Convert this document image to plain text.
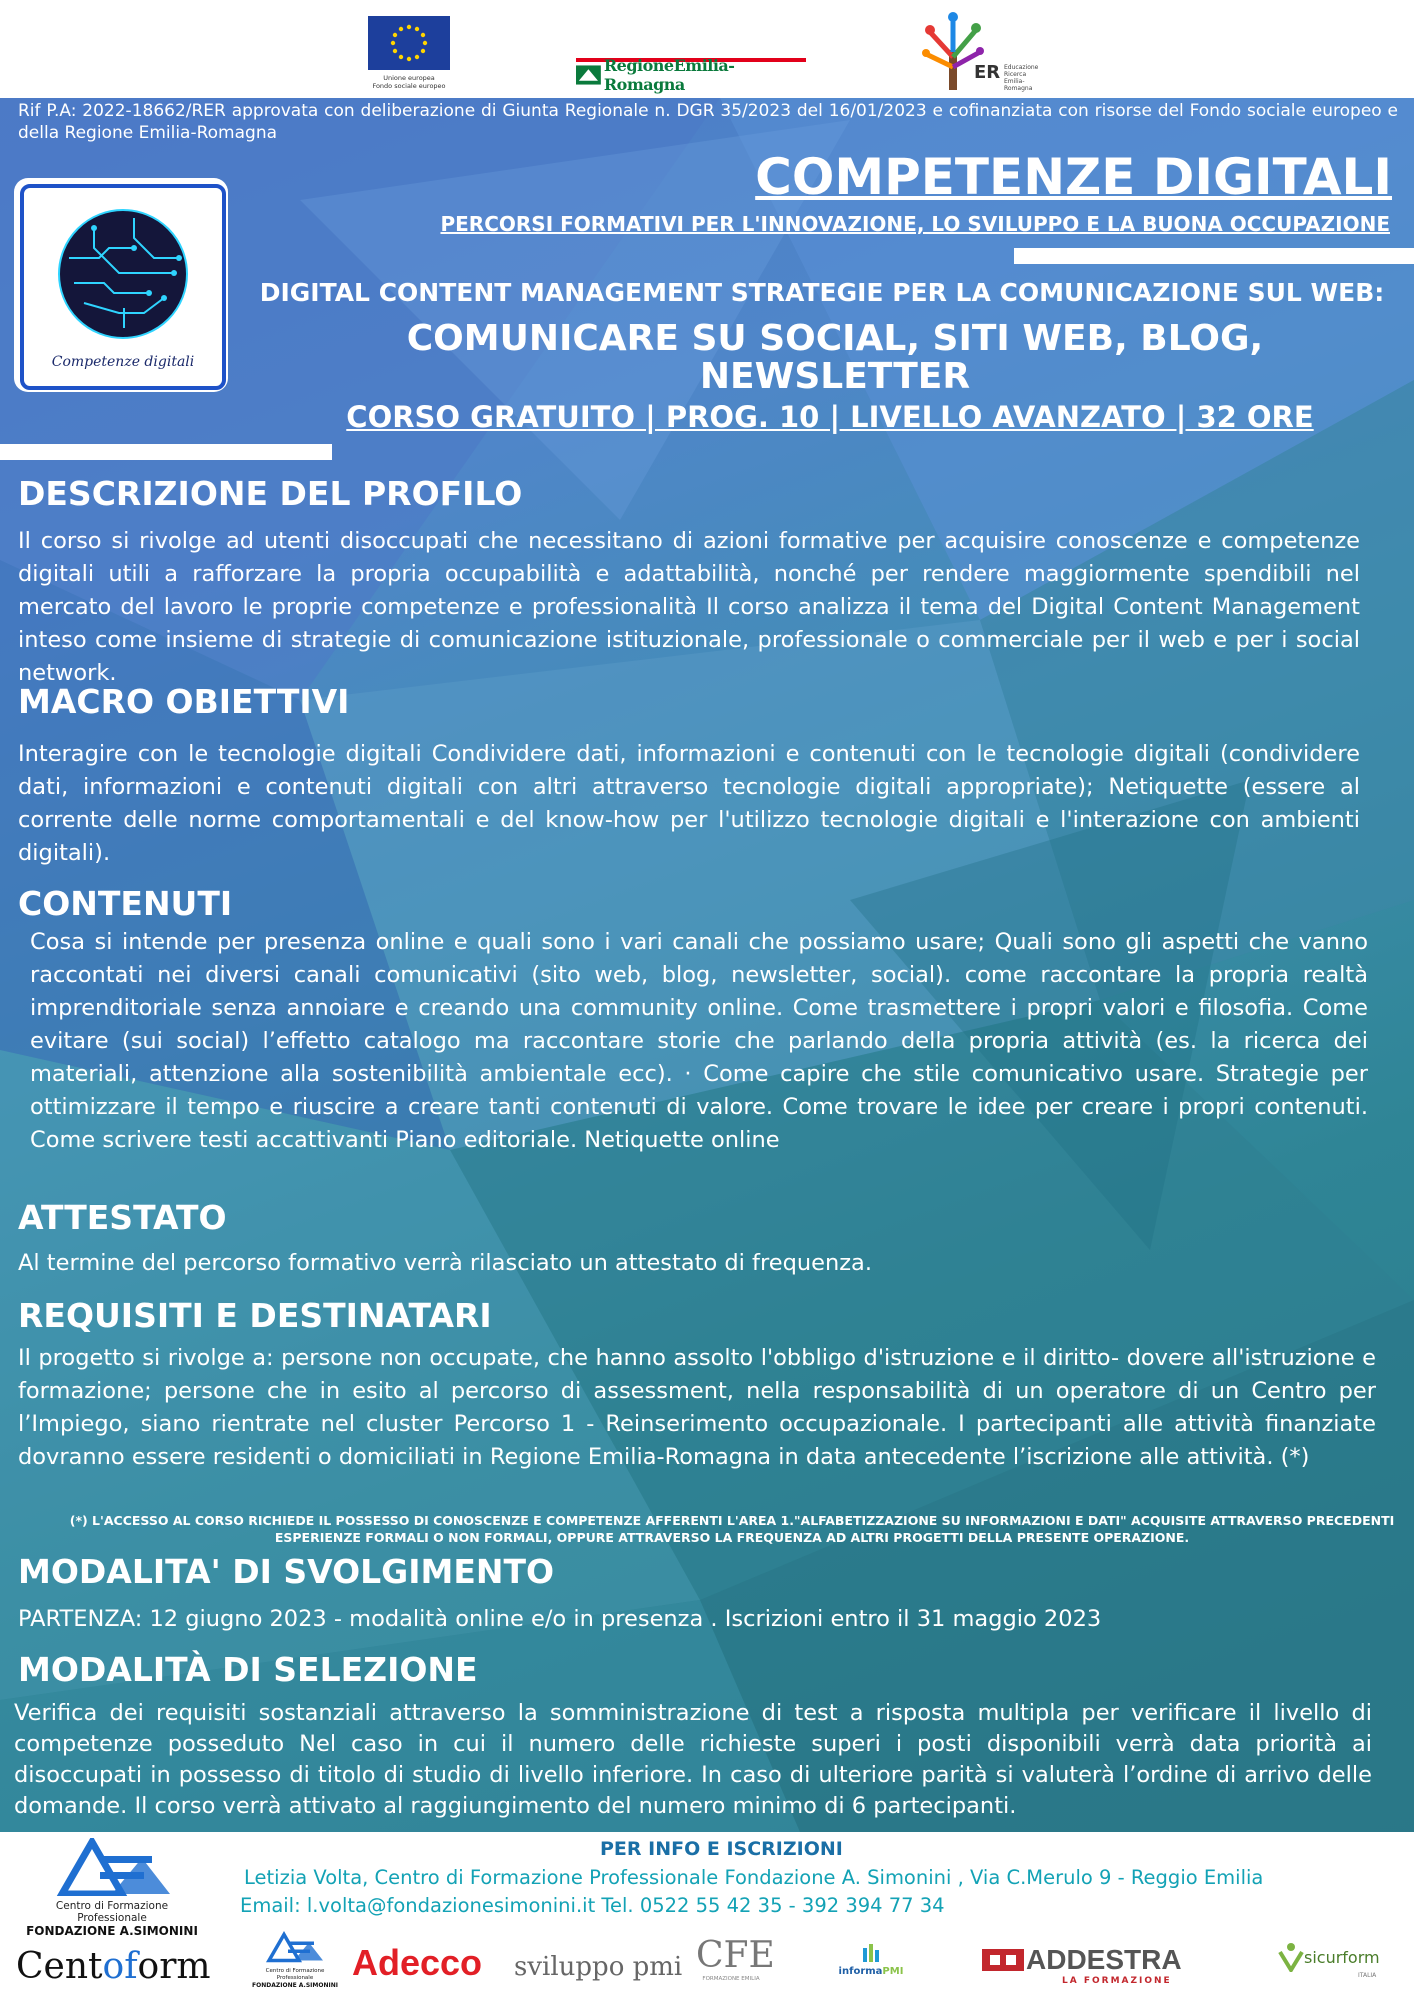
Unione europea
Fondo sociale europeo
RegioneEmilia-Romagna
ER Educazione
Ricerca
Emilia-Romagna
Rif P.A: 2022-18662/RER approvata con deliberazione di Giunta Regionale n. DGR 35/2023 del 16/01/2023 e cofinanziata con risorse del Fondo sociale europeo e della Regione Emilia-Romagna
Competenze digitali
COMPETENZE DIGITALI
PERCORSI FORMATIVI PER L'INNOVAZIONE, LO SVILUPPO E LA BUONA OCCUPAZIONE
DIGITAL CONTENT MANAGEMENT STRATEGIE PER LA COMUNICAZIONE SUL WEB:
COMUNICARE SU SOCIAL, SITI WEB, BLOG, NEWSLETTER
CORSO GRATUITO | PROG. 10 | LIVELLO AVANZATO | 32 ORE
DESCRIZIONE DEL PROFILO
Il corso si rivolge ad utenti disoccupati che necessitano di azioni formative per acquisire conoscenze e competenze digitali utili a rafforzare la propria occupabilità e adattabilità, nonché per rendere maggiormente spendibili nel mercato del lavoro le proprie competenze e professionalità Il corso analizza il tema del Digital Content Management inteso come insieme di strategie di comunicazione istituzionale, professionale o commerciale per il web e per i social network.
MACRO OBIETTIVI
Interagire con le tecnologie digitali Condividere dati, informazioni e contenuti con le tecnologie digitali (condividere dati, informazioni e contenuti digitali con altri attraverso tecnologie digitali appropriate); Netiquette (essere al corrente delle norme comportamentali e del know-how per l'utilizzo tecnologie digitali e l'interazione con ambienti digitali).
CONTENUTI
Cosa si intende per presenza online e quali sono i vari canali che possiamo usare; Quali sono gli aspetti che vanno raccontati nei diversi canali comunicativi (sito web, blog, newsletter, social). come raccontare la propria realtà imprenditoriale senza annoiare e creando una community online. Come trasmettere i propri valori e filosofia. Come evitare (sui social) l’effetto catalogo ma raccontare storie che parlando della propria attività (es. la ricerca dei materiali, attenzione alla sostenibilità ambientale ecc). · Come capire che stile comunicativo usare. Strategie per ottimizzare il tempo e riuscire a creare tanti contenuti di valore. Come trovare le idee per creare i propri contenuti. Come scrivere testi accattivanti Piano editoriale. Netiquette online
ATTESTATO
Al termine del percorso formativo verrà rilasciato un attestato di frequenza.
REQUISITI E DESTINATARI
Il progetto si rivolge a: persone non occupate, che hanno assolto l'obbligo d'istruzione e il diritto- dovere all'istruzione e formazione; persone che in esito al percorso di assessment, nella responsabilità di un operatore di un Centro per l’Impiego, siano rientrate nel cluster Percorso 1 - Reinserimento occupazionale. I partecipanti alle attività finanziate dovranno essere residenti o domiciliati in Regione Emilia-Romagna in data antecedente l’iscrizione alle attività. (*)
(*) L'ACCESSO AL CORSO RICHIEDE IL POSSESSO DI CONOSCENZE E COMPETENZE AFFERENTI L'AREA 1."ALFABETIZZAZIONE SU INFORMAZIONI E DATI" ACQUISITE ATTRAVERSO PRECEDENTI ESPERIENZE FORMALI O NON FORMALI, OPPURE ATTRAVERSO LA FREQUENZA AD ALTRI PROGETTI DELLA PRESENTE OPERAZIONE.
MODALITA' DI SVOLGIMENTO
PARTENZA: 12 giugno 2023 - modalità online e/o in presenza . Iscrizioni entro il 31 maggio 2023
MODALITÀ DI SELEZIONE
Verifica dei requisiti sostanziali attraverso la somministrazione di test a risposta multipla per verificare il livello di competenze posseduto Nel caso in cui il numero delle richieste superi i posti disponibili verrà data priorità ai disoccupati in possesso di titolo di studio di livello inferiore. In caso di ulteriore parità si valuterà l’ordine di arrivo delle domande. Il corso verrà attivato al raggiungimento del numero minimo di 6 partecipanti.
Centro di Formazione Professionale
FONDAZIONE A.SIMONINI
PER INFO E ISCRIZIONI
Letizia Volta, Centro di Formazione Professionale Fondazione A. Simonini , Via C.Merulo 9 - Reggio Emilia
Email: l.volta@fondazionesimonini.it Tel. 0522 55 42 35 - 392 394 77 34
Centoform	Centro di Formazione Professionale
FONDAZIONE A.SIMONINI
Adecco sviluppo pmi CFE
FORMAZIONE EMILIA
informaPMI	ADDESTRA
LA FORMAZIONE
sicurform
ITALIA
